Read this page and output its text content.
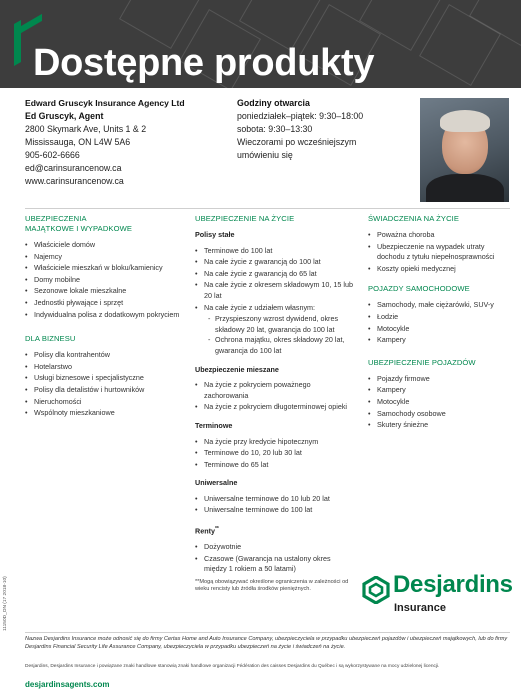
Dostępne produkty
Edward Gruscyk Insurance Agency Ltd
Ed Gruscyk, Agent
2800 Skymark Ave, Units 1 & 2
Mississauga, ON L4W 5A6
905-602-6666
ed@carinsurancenow.ca
www.carinsurancenow.ca
Godziny otwarcia
poniedziałek–piątek: 9:30–18:00
sobota: 9:30–13:30
Wieczorami po wcześniejszym
umówieniu się
UBEZPIECZENIA
MAJĄTKOWE I WYPADKOWE
• Właściciele domów
• Najemcy
• Właściciele mieszkań w bloku/kamienicy
• Domy mobilne
• Sezonowe lokale mieszkalne
• Jednostki pływające i sprzęt
• Indywidualna polisa z dodatkowym pokryciem
DLA BIZNESU
• Polisy dla kontrahentów
• Hotelarstwo
• Usługi biznesowe i specjalistyczne
• Polisy dla detalistów i hurtowników
• Nieruchomości
• Wspólnoty mieszkaniowe
UBEZPIECZENIE NA ŻYCIE
Polisy stałe
• Terminowe do 100 lat
• Na całe życie z gwarancją do 100 lat
• Na całe życie z gwarancją do 65 lat
• Na całe życie z okresem składowym 10, 15 lub 20 lat
• Na całe życie z udziałem własnym:
- Przyspieszony wzrost dywidend, okres składowy 20 lat, gwarancja do 100 lat
- Ochrona majątku, okres składowy 20 lat, gwarancja do 100 lat
Ubezpieczenie mieszane
• Na życie z pokryciem poważnego zachorowania
• Na życie z pokryciem długoterminowej opieki
Terminowe
• Na życie przy kredycie hipotecznym
• Terminowe do 10, 20 lub 30 lat
• Terminowe do 65 lat
Uniwersalne
• Uniwersalne terminowe do 10 lub 20 lat
• Uniwersalne terminowe do 100 lat
Renty**
• Dożywotnie
• Czasowe (Gwarancja na ustalony okres między 1 rokiem a 50 latami)
**Mogą obowiązywać określone ograniczenia w zależności od wieku rencisty lub źródła środków pieniężnych.
ŚWIADCZENIA NA ŻYCIE
• Poważna choroba
• Ubezpieczenie na wypadek utraty dochodu z tytułu niepełnosprawności
• Koszty opieki medycznej
POJAZDY SAMOCHODOWE
• Samochody, małe ciężarówki, SUV-y
• Łodzie
• Motocykle
• Kampery
UBEZPIECZENIE POJAZDÓW
• Pojazdy firmowe
• Kampery
• Motocykle
• Samochody osobowe
• Skutery śnieżne
Desjardins
Insurance
11150D_ON (17 2018-10)
Nazwa Desjardins Insurance może odnosić się do firmy Certas Home and Auto Insurance Company, ubezpieczyciela w przypadku ubezpieczeń pojazdów i ubezpieczeń majątkowych, lub do firmy Desjardins Financial Security Life Assurance Company, ubezpieczyciela w przypadku ubezpieczeń na życie i świadczeń na życie.
Desjardins, Desjardins Insurance i powiązane znaki handlowe stanowią znaki handlowe organizacji Fédération des caisses Desjardins du Québec i są wykorzystywane na mocy udzielonej licencji.
desjardinsagents.com
